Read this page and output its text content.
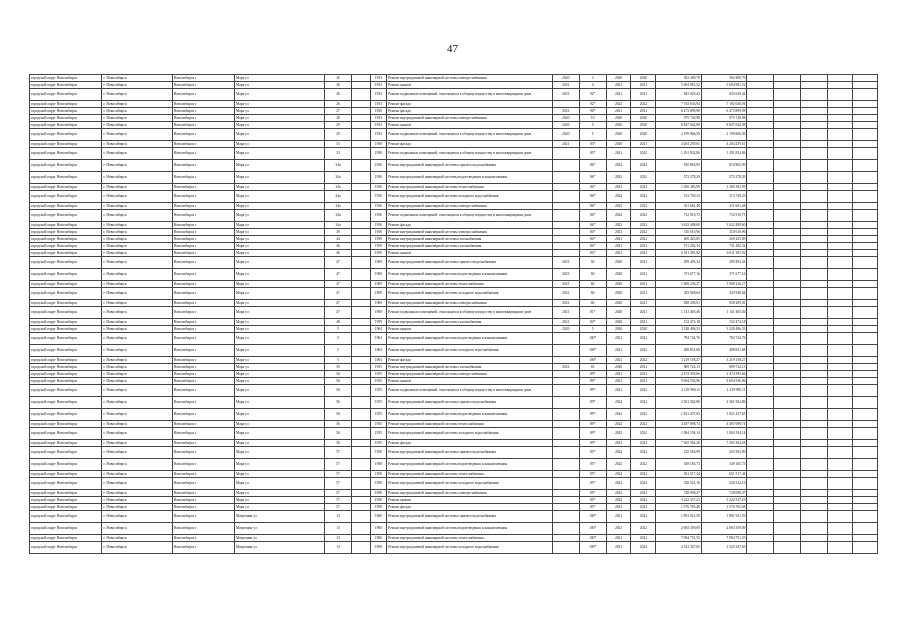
47
городской округ Новосибирск	г. Новосибирск	Новосибирск г	Марк ул	26		1953	Ремонт внутридомовой инженерной системы электроснабжения	2020	3	2020	2020	302 490,79	302 490,79					
городской округ Новосибирск	г. Новосибирск	Новосибирск г	Марк ул	26		1953	Ремонт крыши	2021	4	2021	2021	5 694 981,52	5 694 981,52					
городской округ Новосибирск	г. Новосибирск	Новосибирск г	Марк ул	26		1953	Ремонт подвальных помещений, относящихся к общему имуществу в многоквартирном доме	2021	92*	2021	2021	843 629,42	843 629,42					
городской округ Новосибирск	г. Новосибирск	Новосибирск г	Марк ул	26		1953	Ремонт фасада		92*	2022	2022	7 192 636,94	7 192 636,94					
городской округ Новосибирск	г. Новосибирск	Новосибирск г	Марк ул	27		1958	Ремонт фасада	2021	96*	2021	2021	6 473 899,98	6 473 899,98					
городской округ Новосибирск	г. Новосибирск	Новосибирск г	Марк ул	28		1953	Ремонт внутридомовой инженерной системы электроснабжения	2020	10	2020	2020	975 740,98	975 740,98					
городской округ Новосибирск	г. Новосибирск	Новосибирск г	Марк ул	29		1953	Ремонт крыши	2020	5	2020	2020	8 847 642,08	8 847 642,08					
городской округ Новосибирск	г. Новосибирск	Новосибирск г	Марк ул	29		1953	Ремонт подвальных помещений, относящихся к общему имуществу в многоквартирном доме	2020	5	2020	2020	2 199 866,50	2 199 866,50					
городской округ Новосибирск	г. Новосибирск	Новосибирск г	Марк ул	33		1958	Ремонт фасада	2021	83*	2020	2021	4 204 259,61	4 204 259,61					
городской округ Новосибирск	г. Новосибирск	Новосибирск г	Марк ул	33		1958	Ремонт подвальных помещений, относящихся к общему имуществу в многоквартирном доме		85*	2021	2022	1 291 832,86	1 291 832,86					
городской округ Новосибирск	г. Новосибирск	Новосибирск г	Марк ул	34а		1956	Ремонт внутридомовой инженерной системы горячего водоснабжения		86*	2022	2022	810 865,95	810 865,95					
городской округ Новосибирск	г. Новосибирск	Новосибирск г	Марк ул	34а		1956	Ремонт внутридомовой инженерной системы водоотведения и канализования		86*	2022	2022	572 278,29	572 278,29					
городской округ Новосибирск	г. Новосибирск	Новосибирск г	Марк ул	34а		1956	Ремонт внутридомовой инженерной системы теплоснабжения		86*	2022	2022	1 360 383,99	1 360 383,99					
городской округ Новосибирск	г. Новосибирск	Новосибирск г	Марк ул	34а		1956	Ремонт внутридомовой инженерной системы холодного водоснабжения		86*	2022	2022	513 749,23	513 749,23					
городской округ Новосибирск	г. Новосибирск	Новосибирск г	Марк ул	34а		1956	Ремонт внутридомовой инженерной системы электроснабжения		86*	2022	2022	411 661,48	411 661,48					
городской округ Новосибирск	г. Новосибирск	Новосибирск г	Марк ул	34а		1956	Ремонт подвальных помещений, относящихся к общему имуществу в многоквартирном доме		86*	2022	2022	732 910,73	732 910,73					
городской округ Новосибирск	г. Новосибирск	Новосибирск г	Марк ул	34а		1956	Ремонт фасада		86*	2022	2022	3 622 408,60	3 622 408,60					
городской округ Новосибирск	г. Новосибирск	Новосибирск г	Марк ул	39		1959	Ремонт внутридомовой инженерной системы электроснабжения		84*	2021	2022	310 610,96	310 610,96					
городской округ Новосибирск	г. Новосибирск	Новосибирск г	Марк ул	44		1959	Ремонт внутридомовой инженерной системы газоснабжения		84*	2021	2022	269 425,85	269 425,85					
городской округ Новосибирск	г. Новосибирск	Новосибирск г	Марк ул	46		1959	Ремонт внутридомовой инженерной системы газоснабжения		84*	2021	2021	731 282,34	731 282,34					
городской округ Новосибирск	г. Новосибирск	Новосибирск г	Марк ул	46		1959	Ремонт крыши		84*	2021	2022	6 011 381,92	6 011 381,92					
городской округ Новосибирск	г. Новосибирск	Новосибирск г	Марк ул	47		1969	Ремонт внутридомовой инженерной системы горячего водоснабжения	2021	60	2020	2021	299 493,34	299 493,34					
городской округ Новосибирск	г. Новосибирск	Новосибирск г	Марк ул	47		1969	Ремонт внутридомовой инженерной системы водоотведения и канализования	2021	60	2020	2021	371 677,16	371 677,16					
городской округ Новосибирск	г. Новосибирск	Новосибирск г	Марк ул	47		1969	Ремонт внутридомовой инженерной системы теплоснабжения	2021	60	2020	2021	1 608 236,27	1 608 236,27					
городской округ Новосибирск	г. Новосибирск	Новосибирск г	Марк ул	47		1969	Ремонт внутридомовой инженерной системы холодного водоснабжения	2021	60	2020	2021	343 948,64	343 948,64					
городской округ Новосибирск	г. Новосибирск	Новосибирск г	Марк ул	47		1969	Ремонт внутридомовой инженерной системы электроснабжения	2021	60	2020	2021	838 209,01	838 209,01					
городской округ Новосибирск	г. Новосибирск	Новосибирск г	Марк ул	47		1969	Ремонт подвальных помещений, относящихся к общему имуществу в многоквартирном доме	2021	81*	2020	2021	1 141 465,46	1 141 465,46					
городской округ Новосибирск	г. Новосибирск	Новосибирск г	Марк ул	48		1959	Ремонт внутридомовой инженерной системы газоснабжения	2021	84*	2020	2021	152 474,18	152 474,18					
городской округ Новосибирск	г. Новосибирск	Новосибирск г	Марк ул	5		1964	Ремонт крыши	2020	5	2020	2020	3 328 496,53	3 328 496,53					
городской округ Новосибирск	г. Новосибирск	Новосибирск г	Марк ул	5		1964	Ремонт внутридомовой инженерной системы водоотведения и канализования		100*	2021	2022	784 744,76	784 744,76					
городской округ Новосибирск	г. Новосибирск	Новосибирск г	Марк ул	5		1964	Ремонт внутридомовой инженерной системы холодного водоснабжения		100*	2021	2022	408 831,68	408 831,68					
городской округ Новосибирск	г. Новосибирск	Новосибирск г	Марк ул	5		1964	Ремонт фасада		100*	2021	2022	3 219 158,27	3 219 158,27					
городской округ Новосибирск	г. Новосибирск	Новосибирск г	Марк ул	50		1953	Ремонт внутридомовой инженерной системы газоснабжения	2021	63	2020	2021	809 724,13	809 724,13					
городской округ Новосибирск	г. Новосибирск	Новосибирск г	Марк ул	56		1955	Ремонт внутридомовой инженерной системы электроснабжения		89*	2021	2021	2 474 395,66	2 474 395,66					
городской округ Новосибирск	г. Новосибирск	Новосибирск г	Марк ул	56		1955	Ремонт крыши		89*	2021	2021	9 694 536,96	9 694 536,96					
городской округ Новосибирск	г. Новосибирск	Новосибирск г	Марк ул	56		1955	Ремонт подвальных помещений, относящихся к общему имуществу в многоквартирном доме		89*	2021	2022	2 129 990,11	2 129 990,11					
городской округ Новосибирск	г. Новосибирск	Новосибирск г	Марк ул	56		1955	Ремонт внутридомовой инженерной системы горячего водоснабжения		89*	2022	2022	2 561 562,86	2 561 562,86					
городской округ Новосибирск	г. Новосибирск	Новосибирск г	Марк ул	56		1955	Ремонт внутридомовой инженерной системы водоотведения и канализования		89*	2022	2022	1 821 437,65	1 821 437,65					
городской округ Новосибирск	г. Новосибирск	Новосибирск г	Марк ул	56		1955	Ремонт внутридомовой инженерной системы теплоснабжения		89*	2022	2022	4 497 698,74	4 497 698,74					
городской округ Новосибирск	г. Новосибирск	Новосибирск г	Марк ул	56		1955	Ремонт внутридомовой инженерной системы холодного водоснабжения		89*	2022	2022	1 084 194,14	1 084 194,14					
городской округ Новосибирск	г. Новосибирск	Новосибирск г	Марк ул	56		1955	Ремонт фасада		89*	2022	2022	7 365 364,28	7 365 364,28					
городской округ Новосибирск	г. Новосибирск	Новосибирск г	Марк ул	57		1958	Ремонт внутридомовой инженерной системы горячего водоснабжения		85*	2022	2022	225 563,99	225 563,99					
городской округ Новосибирск	г. Новосибирск	Новосибирск г	Марк ул	57		1958	Ремонт внутридомовой инженерной системы водоотведения и канализования		85*	2022	2022	349 165,73	349 165,73					
городской округ Новосибирск	г. Новосибирск	Новосибирск г	Марк ул	57		1958	Ремонт внутридомовой инженерной системы теплоснабжения		85*	2022	2022	651 517,44	651 517,44					
городской округ Новосибирск	г. Новосибирск	Новосибирск г	Марк ул	57		1958	Ремонт внутридомовой инженерной системы холодного водоснабжения		85*	2022	2022	326 522,16	326 522,16					
городской округ Новосибирск	г. Новосибирск	Новосибирск г	Марк ул	57		1958	Ремонт внутридомовой инженерной системы электроснабжения		85*	2022	2022	728 098,37	728 098,37					
городской округ Новосибирск	г. Новосибирск	Новосибирск г	Марк ул	57		1958	Ремонт крыши		85*	2022	2022	3 222 537,23	3 222 537,23					
городской округ Новосибирск	г. Новосибирск	Новосибирск г	Марк ул	57		1958	Ремонт фасада		85*	2022	2022	1 576 765,48	1 576 765,48					
городской округ Новосибирск	г. Новосибирск	Новосибирск г	Матрешин ул	13		1960	Ремонт внутридомовой инженерной системы горячего водоснабжения		100*	2021	2022	1 891 921,59	1 891 921,59					
городской округ Новосибирск	г. Новосибирск	Новосибирск г	Матрешин ул	13		1960	Ремонт внутридомовой инженерной системы водоотведения и канализования		100*	2021	2022	2 683 359,09	2 683 359,09					
городской округ Новосибирск	г. Новосибирск	Новосибирск г	Матрешин ул	13		1960	Ремонт внутридомовой инженерной системы теплоснабжения		100*	2021	2022	7 994 751,55	7 994 751,55					
городской округ Новосибирск	г. Новосибирск	Новосибирск г	Матрешин ул	13		1960	Ремонт внутридомовой инженерной системы холодного водоснабжения		100*	2021	2022	2 323 347,65	2 323 347,65					
